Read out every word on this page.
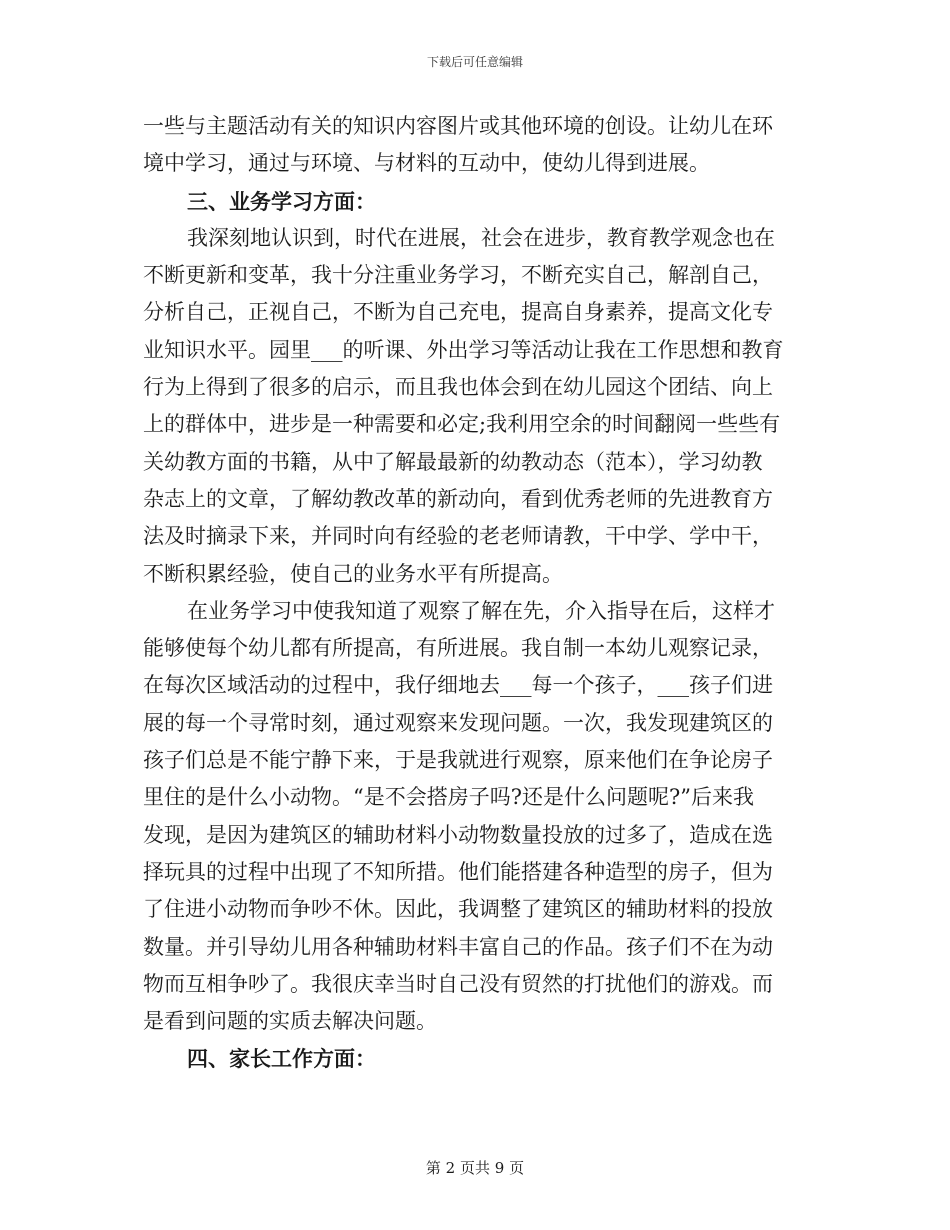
下载后可任意编辑
一些与主题活动有关的知识内容图片或其他环境的创设。让幼儿在环
境中学习，通过与环境、与材料的互动中，使幼儿得到进展。
三、业务学习方面：
我深刻地认识到，时代在进展，社会在进步，教育教学观念也在
不断更新和变革，我十分注重业务学习，不断充实自己，解剖自己，
分析自己，正视自己，不断为自己充电，提高自身素养，提高文化专
业知识水平。园里___的听课、外出学习等活动让我在工作思想和教育
行为上得到了很多的启示，而且我也体会到在幼儿园这个团结、向上
上的群体中，进步是一种需要和必定;我利用空余的时间翻阅一些些有
关幼教方面的书籍，从中了解最最新的幼教动态（范本），学习幼教
杂志上的文章，了解幼教改革的新动向，看到优秀老师的先进教育方
法及时摘录下来，并同时向有经验的老老师请教，干中学、学中干，
不断积累经验，使自己的业务水平有所提高。
在业务学习中使我知道了观察了解在先，介入指导在后，这样才
能够使每个幼儿都有所提高，有所进展。我自制一本幼儿观察记录，
在每次区域活动的过程中，我仔细地去___每一个孩子，___孩子们进
展的每一个寻常时刻，通过观察来发现问题。一次，我发现建筑区的
孩子们总是不能宁静下来，于是我就进行观察，原来他们在争论房子
里住的是什么小动物。“是不会搭房子吗?还是什么问题呢?”后来我
发现，是因为建筑区的辅助材料小动物数量投放的过多了，造成在选
择玩具的过程中出现了不知所措。他们能搭建各种造型的房子，但为
了住进小动物而争吵不休。因此，我调整了建筑区的辅助材料的投放
数量。并引导幼儿用各种辅助材料丰富自己的作品。孩子们不在为动
物而互相争吵了。我很庆幸当时自己没有贸然的打扰他们的游戏。而
是看到问题的实质去解决问题。
四、家长工作方面：
第 2 页共 9 页
